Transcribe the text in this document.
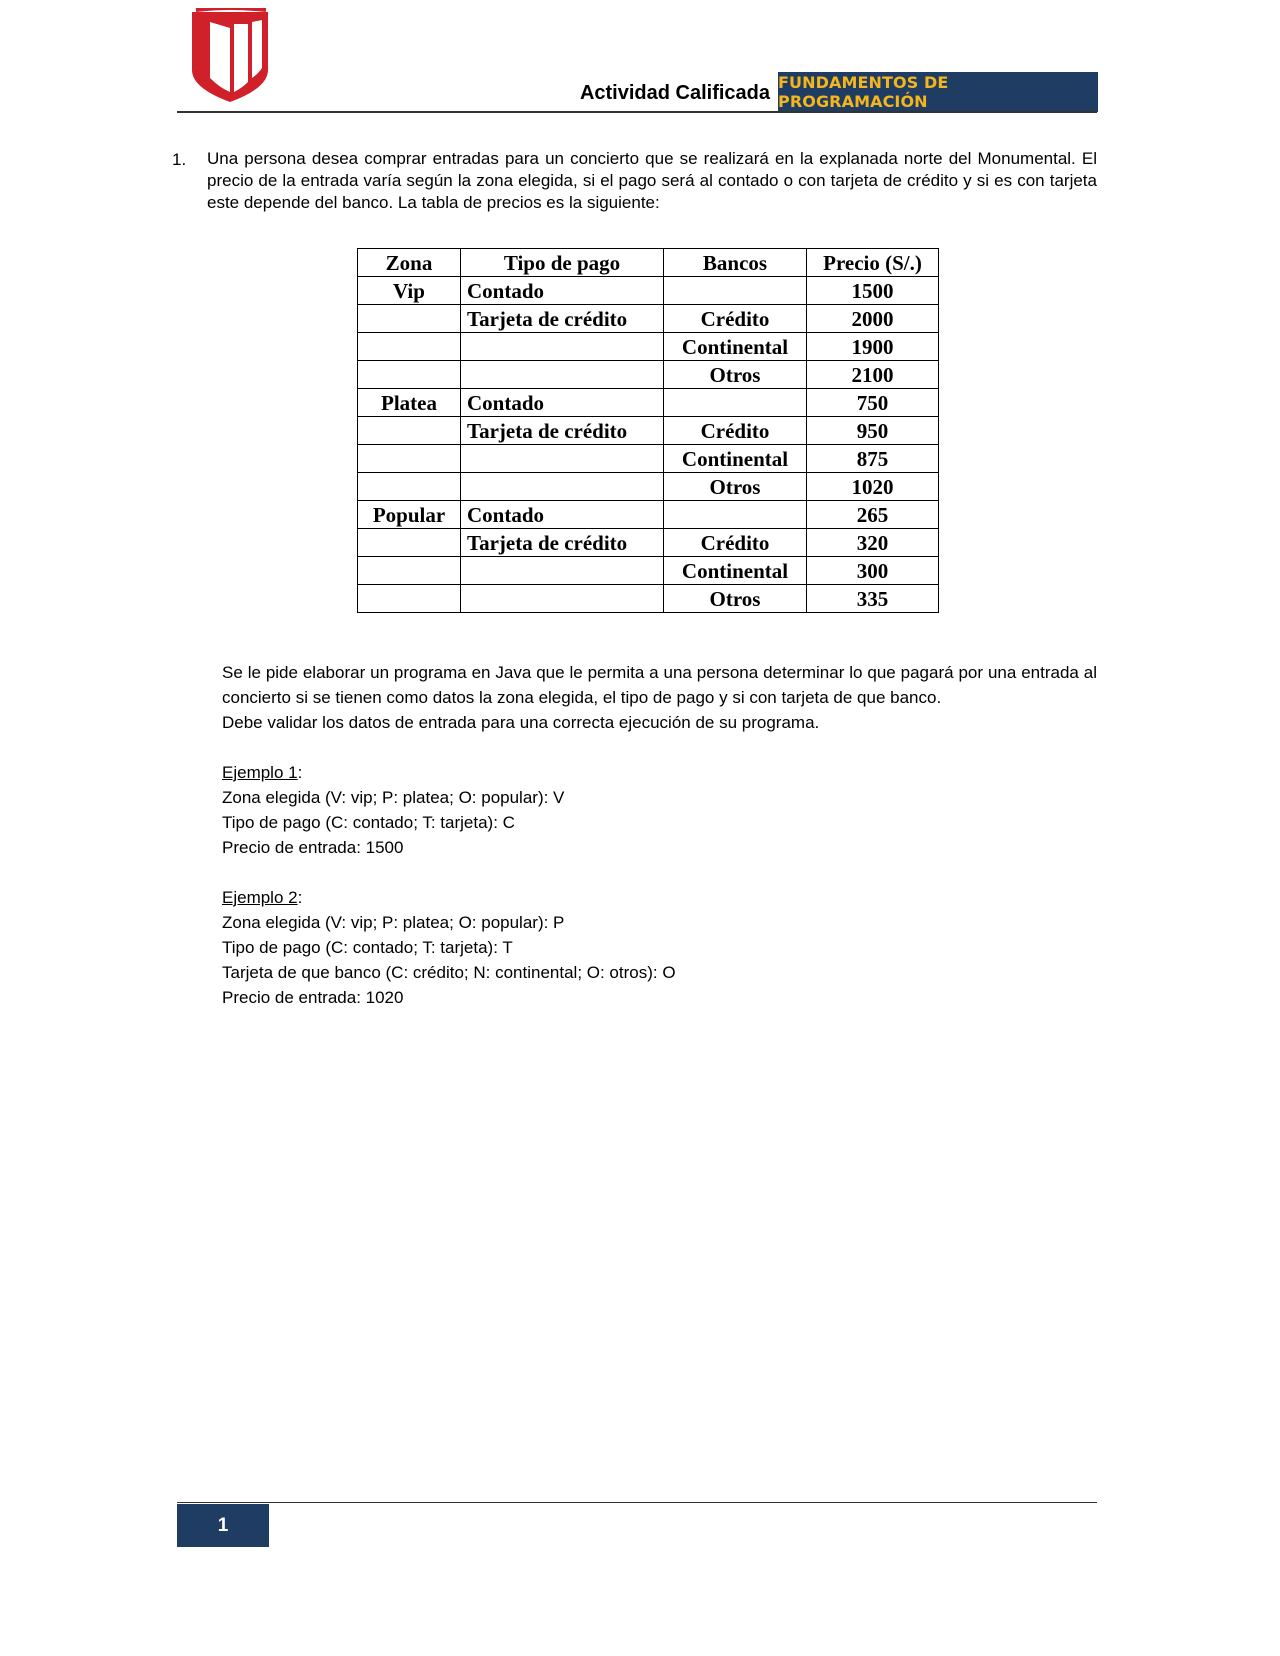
Actividad Calificada FUNDAMENTOS DE PROGRAMACIÓN
1. Una persona desea comprar entradas para un concierto que se realizará en la explanada norte del Monumental. El precio de la entrada varía según la zona elegida, si el pago será al contado o con tarjeta de crédito y si es con tarjeta este depende del banco. La tabla de precios es la siguiente:
Zona	Tipo de pago	Bancos	Precio (S/.)
Vip	Contado		1500
	Tarjeta de crédito	Crédito	2000
		Continental	1900
		Otros	2100
Platea	Contado		750
	Tarjeta de crédito	Crédito	950
		Continental	875
		Otros	1020
Popular	Contado		265
	Tarjeta de crédito	Crédito	320
		Continental	300
		Otros	335

Se le pide elaborar un programa en Java que le permita a una persona determinar lo que pagará por una entrada al concierto si se tienen como datos la zona elegida, el tipo de pago y si con tarjeta de que banco.

Debe validar los datos de entrada para una correcta ejecución de su programa.

Ejemplo 1:

Zona elegida (V: vip; P: platea; O: popular): V

Tipo de pago (C: contado; T: tarjeta): C

Precio de entrada: 1500

Ejemplo 2:

Zona elegida (V: vip; P: platea; O: popular): P

Tipo de pago (C: contado; T: tarjeta): T

Tarjeta de que banco (C: crédito; N: continental; O: otros): O

Precio de entrada: 1020

1
